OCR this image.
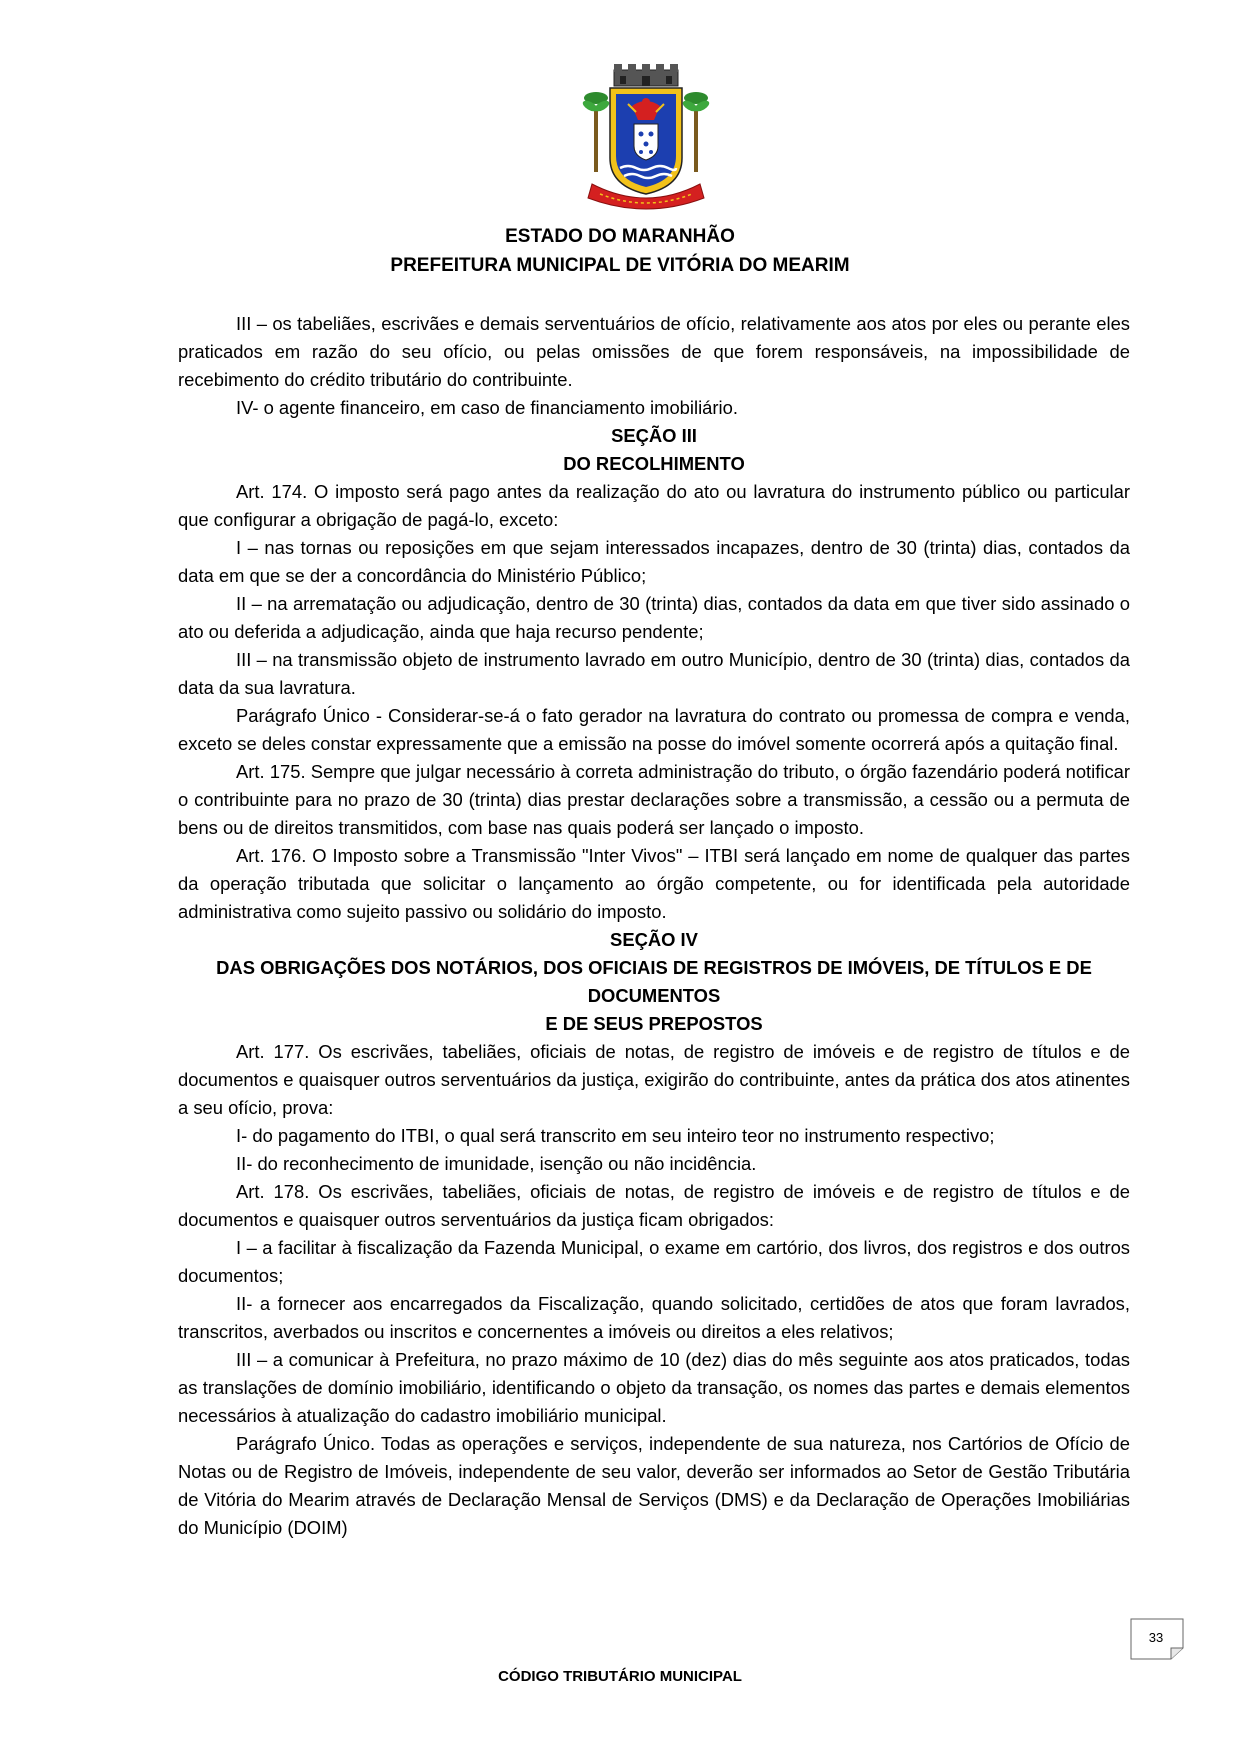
ESTADO DO MARANHÃO
PREFEITURA MUNICIPAL DE VITÓRIA DO MEARIM

III – os tabeliães, escrivães e demais serventuários de ofício, relativamente aos atos por eles ou perante eles praticados em razão do seu ofício, ou pelas omissões de que forem responsáveis, na impossibilidade de recebimento do crédito tributário do contribuinte.

IV- o agente financeiro, em caso de financiamento imobiliário.

SEÇÃO III

DO RECOLHIMENTO

Art. 174. O imposto será pago antes da realização do ato ou lavratura do instrumento público ou particular que configurar a obrigação de pagá-lo, exceto:

I – nas tornas ou reposições em que sejam interessados incapazes, dentro de 30 (trinta) dias, contados da data em que se der a concordância do Ministério Público;

II – na arrematação ou adjudicação, dentro de 30 (trinta) dias, contados da data em que tiver sido assinado o ato ou deferida a adjudicação, ainda que haja recurso pendente;

III – na transmissão objeto de instrumento lavrado em outro Município, dentro de 30 (trinta) dias, contados da data da sua lavratura.

Parágrafo Único - Considerar-se-á o fato gerador na lavratura do contrato ou promessa de compra e venda, exceto se deles constar expressamente que a emissão na posse do imóvel somente ocorrerá após a quitação final.

Art. 175. Sempre que julgar necessário à correta administração do tributo, o órgão fazendário poderá notificar o contribuinte para no prazo de 30 (trinta) dias prestar declarações sobre a transmissão, a cessão ou a permuta de bens ou de direitos transmitidos, com base nas quais poderá ser lançado o imposto.

Art. 176. O Imposto sobre a Transmissão "Inter Vivos" – ITBI será lançado em nome de qualquer das partes da operação tributada que solicitar o lançamento ao órgão competente, ou for identificada pela autoridade administrativa como sujeito passivo ou solidário do imposto.

SEÇÃO IV

DAS OBRIGAÇÕES DOS NOTÁRIOS, DOS OFICIAIS DE REGISTROS DE IMÓVEIS, DE TÍTULOS E DE DOCUMENTOS

E DE SEUS PREPOSTOS

Art. 177. Os escrivães, tabeliães, oficiais de notas, de registro de imóveis e de registro de títulos e de documentos e quaisquer outros serventuários da justiça, exigirão do contribuinte, antes da prática dos atos atinentes a seu ofício, prova:

I- do pagamento do ITBI, o qual será transcrito em seu inteiro teor no instrumento respectivo;

II- do reconhecimento de imunidade, isenção ou não incidência.

Art. 178. Os escrivães, tabeliães, oficiais de notas, de registro de imóveis e de registro de títulos e de documentos e quaisquer outros serventuários da justiça ficam obrigados:

I – a facilitar à fiscalização da Fazenda Municipal, o exame em cartório, dos livros, dos registros e dos outros documentos;

II- a fornecer aos encarregados da Fiscalização, quando solicitado, certidões de atos que foram lavrados, transcritos, averbados ou inscritos e concernentes a imóveis ou direitos a eles relativos;

III – a comunicar à Prefeitura, no prazo máximo de 10 (dez) dias do mês seguinte aos atos praticados, todas as translações de domínio imobiliário, identificando o objeto da transação, os nomes das partes e demais elementos necessários à atualização do cadastro imobiliário municipal.

Parágrafo Único. Todas as operações e serviços, independente de sua natureza, nos Cartórios de Ofício de Notas ou de Registro de Imóveis, independente de seu valor, deverão ser informados ao Setor de Gestão Tributária de Vitória do Mearim através de Declaração Mensal de Serviços (DMS) e da Declaração de Operações Imobiliárias do Município (DOIM)

33
CÓDIGO TRIBUTÁRIO MUNICIPAL
